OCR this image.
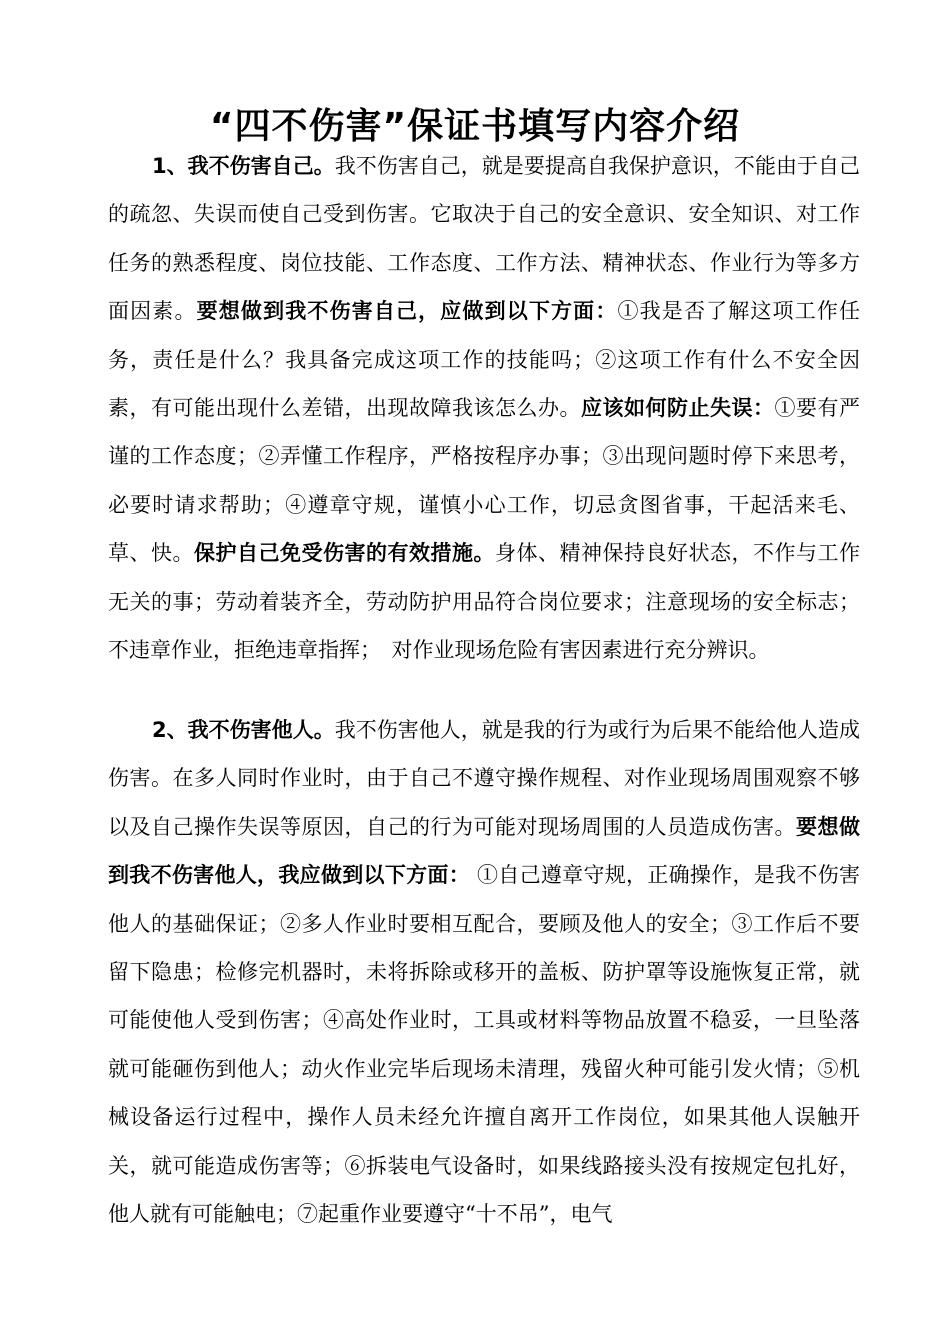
“四不伤害”保证书填写内容介绍

1、我不伤害自己。我不伤害自己，就是要提高自我保护意识，不能由于自己的疏忽、失误而使自己受到伤害。它取决于自己的安全意识、安全知识、对工作任务的熟悉程度、岗位技能、工作态度、工作方法、精神状态、作业行为等多方面因素。要想做到我不伤害自己，应做到以下方面：①我是否了解这项工作任务，责任是什么？我具备完成这项工作的技能吗；②这项工作有什么不安全因素，有可能出现什么差错，出现故障我该怎么办。应该如何防止失误：①要有严谨的工作态度；②弄懂工作程序，严格按程序办事；③出现问题时停下来思考，必要时请求帮助；④遵章守规，谨慎小心工作，切忌贪图省事，干起活来毛、草、快。保护自己免受伤害的有效措施。身体、精神保持良好状态，不作与工作无关的事；劳动着装齐全，劳动防护用品符合岗位要求；注意现场的安全标志；不违章作业，拒绝违章指挥；　对作业现场危险有害因素进行充分辨识。

2、我不伤害他人。我不伤害他人，就是我的行为或行为后果不能给他人造成伤害。在多人同时作业时，由于自己不遵守操作规程、对作业现场周围观察不够以及自己操作失误等原因，自己的行为可能对现场周围的人员造成伤害。要想做到我不伤害他人，我应做到以下方面： ①自己遵章守规，正确操作，是我不伤害他人的基础保证；②多人作业时要相互配合，要顾及他人的安全；③工作后不要留下隐患；检修完机器时，未将拆除或移开的盖板、防护罩等设施恢复正常，就可能使他人受到伤害；④高处作业时，工具或材料等物品放置不稳妥，一旦坠落就可能砸伤到他人；动火作业完毕后现场未清理，残留火种可能引发火情；⑤机械设备运行过程中，操作人员未经允许擅自离开工作岗位，如果其他人误触开关，就可能造成伤害等；⑥拆装电气设备时，如果线路接头没有按规定包扎好，他人就有可能触电；⑦起重作业要遵守“十不吊”，电气
